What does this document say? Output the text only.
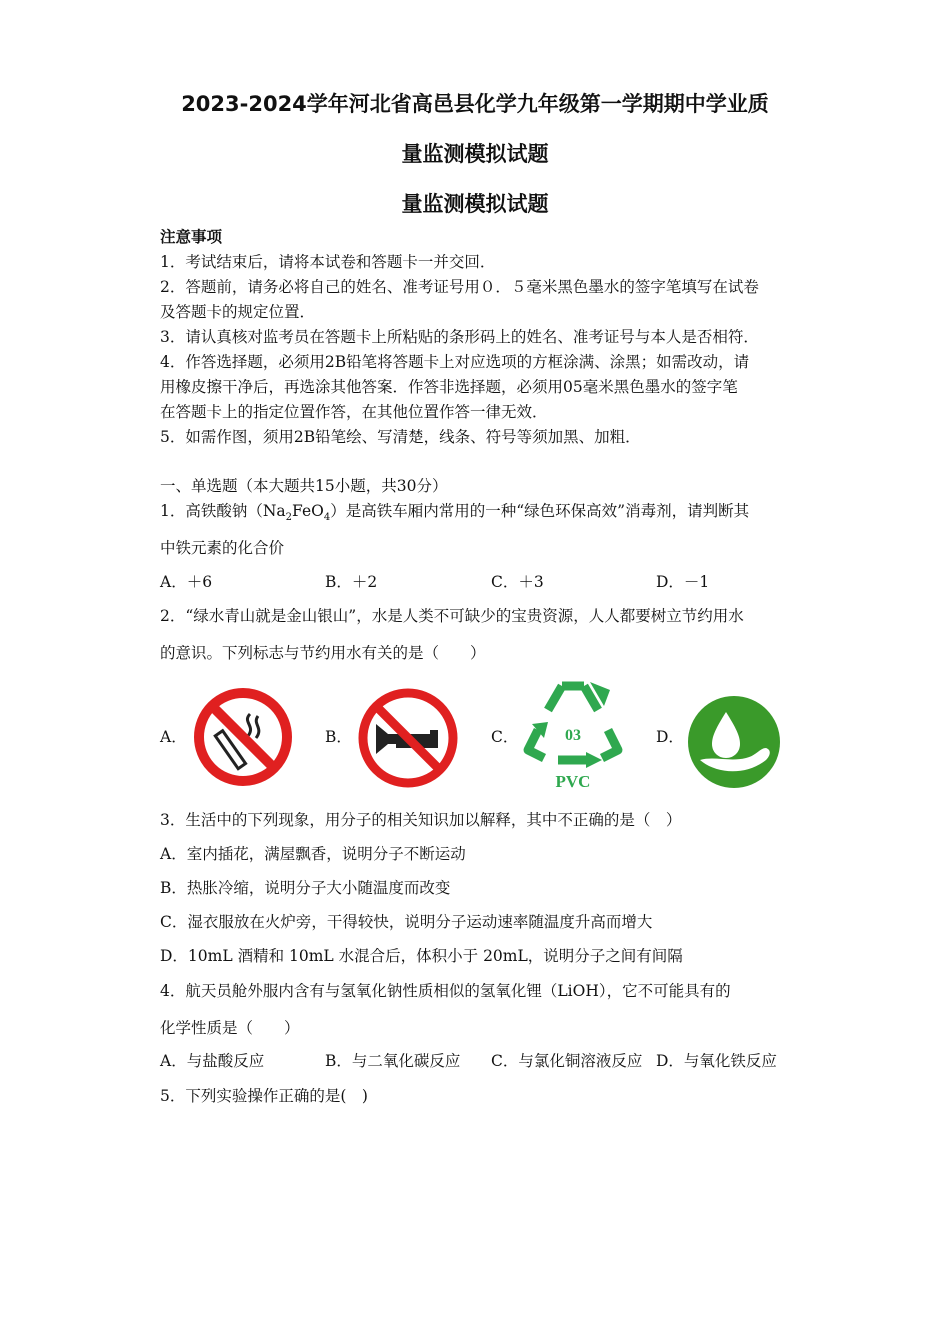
2023-2024学年河北省高邑县化学九年级第一学期期中学业质
量监测模拟试题
量监测模拟试题
注意事项
1．考试结束后，请将本试卷和答题卡一并交回．
2．答题前，请务必将自己的姓名、准考证号用０．５毫米黑色墨水的签字笔填写在试卷
及答题卡的规定位置．
3．请认真核对监考员在答题卡上所粘贴的条形码上的姓名、准考证号与本人是否相符．
4．作答选择题，必须用2B铅笔将答题卡上对应选项的方框涂满、涂黑；如需改动，请
用橡皮擦干净后，再选涂其他答案．作答非选择题，必须用05毫米黑色墨水的签字笔
在答题卡上的指定位置作答，在其他位置作答一律无效．
5．如需作图，须用2B铅笔绘、写清楚，线条、符号等须加黑、加粗．
一、单选题（本大题共15小题，共30分）
1．高铁酸钠$(Na_2FeO_4)$是高铁车厢内常用的一种“绿色环保高效”消毒剂，请判断其
中铁元素的化合价
A．＋6	B．＋2	C．＋3	D．－1
2．“绿水青山就是金山银山”，水是人类不可缺少的宝贵资源，人人都要树立节约用水
的意识。下列标志与节约用水有关的是（　　）
A．	B．	C．	03
PVC
D．
3．生活中的下列现象，用分子的相关知识加以解释，其中不正确的是（　）
A．室内插花，满屋飘香，说明分子不断运动
B．热胀冷缩，说明分子大小随温度而改变
C．湿衣服放在火炉旁，干得较快，说明分子运动速率随温度升高而增大
D．10mL 酒精和 10mL 水混合后，体积小于 20mL，说明分子之间有间隔
4．航天员舱外服内含有与氢氧化钠性质相似的氢氧化锂（LiOH），它不可能具有的
化学性质是（　　）
A．与盐酸反应	B．与二氧化碳反应 C．与氯化铜溶液反应 D．与氧化铁反应
5．下列实验操作正确的是(　)
